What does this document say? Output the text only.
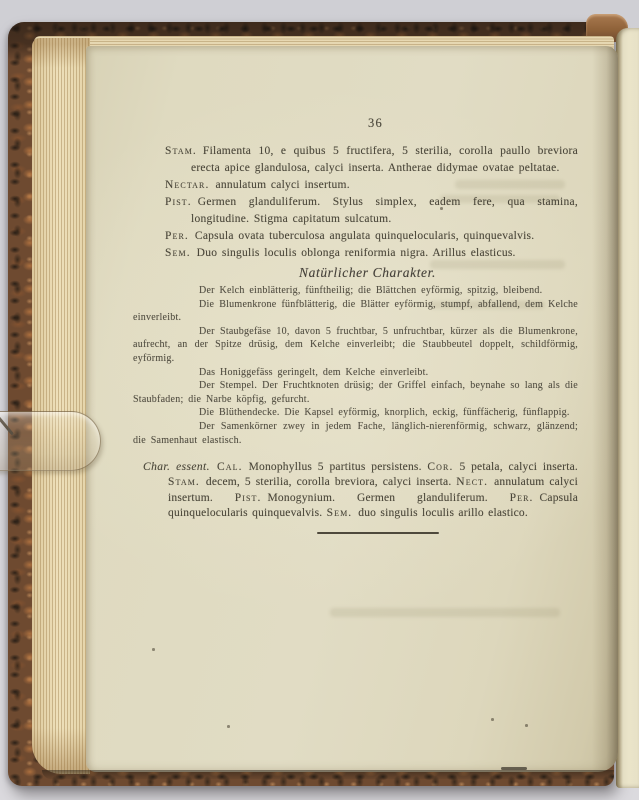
36

Stam. Filamenta 10, e quibus 5 fructifera, 5 sterilia, corolla paullo breviora erecta apice glandulosa, calyci inserta. Antherae didymae ovatae peltatae.

Nectar. annulatum calyci insertum.

Pist. Germen glanduliferum. Stylus simplex, eadem fere, qua stamina, longitudine. Stigma capitatum sulcatum.

Per. Capsula ovata tuberculosa angulata quinquelocularis, quinquevalvis.

Sem. Duo singulis loculis oblonga reniformia nigra. Arillus elasticus.

Natürlicher Charakter.

Der Kelch einblätterig, fünftheilig; die Blättchen eyförmig, spitzig, bleibend.

Die Blumenkrone fünfblätterig, die Blätter eyförmig, stumpf, abfallend, dem Kelche einverleibt.

Der Staubgefäse 10, davon 5 fruchtbar, 5 unfruchtbar, kürzer als die Blumenkrone, aufrecht, an der Spitze drüsig, dem Kelche einverleibt; die Staubbeutel doppelt, schildförmig, eyförmig.

Das Honiggefäss geringelt, dem Kelche einverleibt.

Der Stempel. Der Fruchtknoten drüsig; der Griffel einfach, beynahe so lang als die Staubfaden; die Narbe köpfig, gefurcht.

Die Blüthendecke. Die Kapsel eyförmig, knorplich, eckig, fünffächerig, fünflappig.

Der Samenkörner zwey in jedem Fache, länglich-nierenförmig, schwarz, glänzend; die Samenhaut elastisch.

Char. essent. Cal. Monophyllus 5 partitus persistens. Cor. 5 petala, calyci inserta. Stam. decem, 5 sterilia, corolla breviora, calyci inserta. Nect. annulatum calyci insertum. Pist. Monogynium. Germen glanduliferum. Per. Capsula quinquelocularis quinquevalvis. Sem. duo singulis loculis arillo elastico.
